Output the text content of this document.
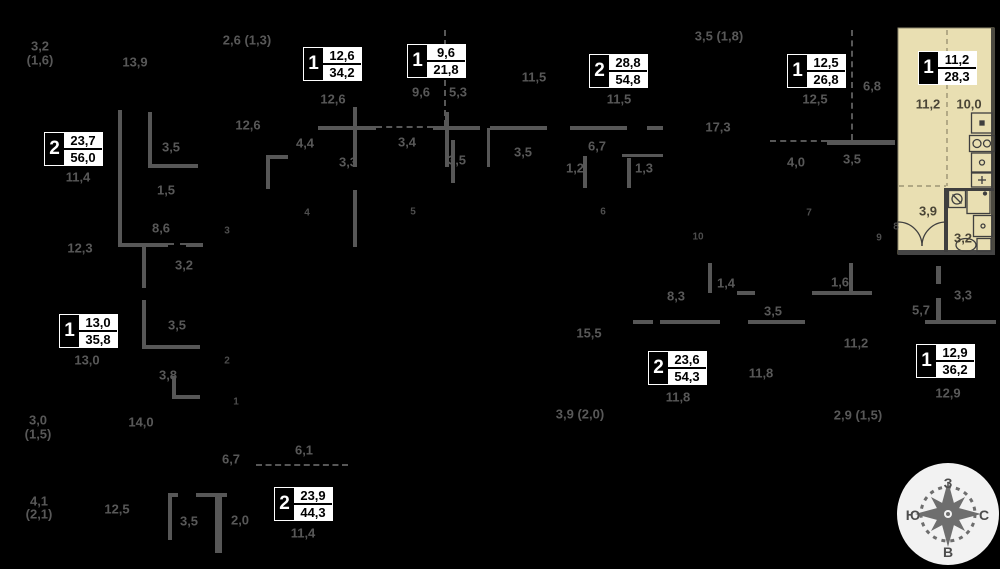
3,2
(1,6)	13,9
2,6 (1,3)
12,6	9,6 5,3
11,5
11,5
3,5 (1,8)
12,5
6,8
11,2 10,0
12,6
4,4
3,3
3,4
3,5
3,5	6,7
1,2	1,3
17,3
4,0	3,5
11,4
3,5
1,5
8,6
12,3
3,2
3,9
3,2
3,5
13,0
3,8
3,0
(1,5)
14,0
15,5
8,3
1,4
3,5
1,6
11,2
5,7
3,3
11,8
11,8	12,9
3,9 (2,0)	2,9 (1,5)
6,7
6,1
4,1
(2,1)	12,5
3,5	2,0
11,4
1
2
3
4	5	6	7
8
9
10
2 23,7
56,0
1 12,6
34,2
1	9,6
21,8	2 28,8
54,8	1 12,5
26,8
1 11,2
28,3
1 13,0
35,8
2 23,6
54,3
1 12,9
36,2
2 23,9
44,3
З
Ю	С
В
